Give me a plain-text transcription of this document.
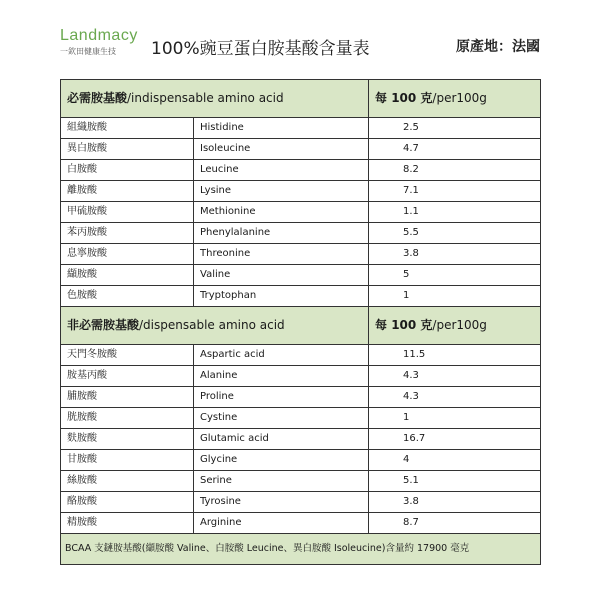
Landmacy
一欽田健康生技	100%豌豆蛋白胺基酸含量表	原產地：法國
必需胺基酸/indispensable amino acid		每 100 克/per100g
組織胺酸	Histidine	2.5
異白胺酸	Isoleucine	4.7
白胺酸	Leucine	8.2
離胺酸	Lysine	7.1
甲硫胺酸	Methionine	1.1
苯丙胺酸	Phenylalanine	5.5
息寧胺酸	Threonine	3.8
纈胺酸	Valine	5
色胺酸	Tryptophan	1
非必需胺基酸/dispensable amino acid		每 100 克/per100g
天門冬胺酸	Aspartic acid	11.5
胺基丙酸	Alanine	4.3
脯胺酸	Proline	4.3
胱胺酸	Cystine	1
麩胺酸	Glutamic acid	16.7
甘胺酸	Glycine	4
絲胺酸	Serine	5.1
酪胺酸	Tyrosine	3.8
精胺酸	Arginine	8.7
BCAA 支鏈胺基酸(纈胺酸 Valine、白胺酸 Leucine、異白胺酸 Isoleucine)含量約 17900 毫克		
